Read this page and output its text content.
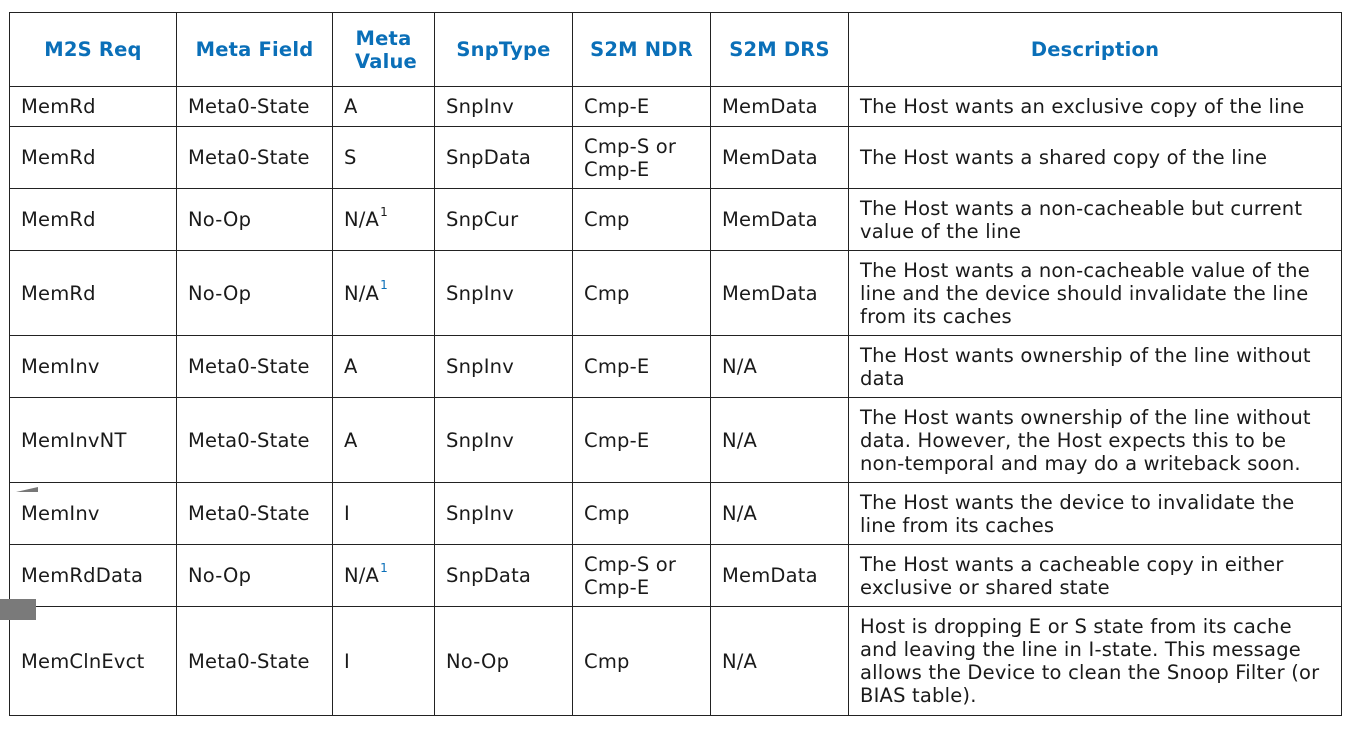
M2S Req	Meta Field	Meta Value	SnpType	S2M NDR	S2M DRS	Description
MemRd	Meta0-State	A	SnpInv	Cmp-E	MemData	The Host wants an exclusive copy of the line
MemRd	Meta0-State	S	SnpData	Cmp-S or Cmp-E	MemData	The Host wants a shared copy of the line
MemRd	No-Op	$N/A^1$	SnpCur	Cmp	MemData	The Host wants a non-cacheable but current value of the line
MemRd	No-Op	$N/A^1$	SnpInv	Cmp	MemData	The Host wants a non-cacheable value of the line and the device should invalidate the line from its caches
MemInv	Meta0-State	A	SnpInv	Cmp-E	N/A	The Host wants ownership of the line without data
MemInvNT	Meta0-State	A	SnpInv	Cmp-E	N/A	The Host wants ownership of the line without data. However, the Host expects this to be non-temporal and may do a writeback soon.
MemInv	Meta0-State	I	SnpInv	Cmp	N/A	The Host wants the device to invalidate the line from its caches
MemRdData	No-Op	$N/A^1$	SnpData	Cmp-S or Cmp-E	MemData	The Host wants a cacheable copy in either exclusive or shared state
MemClnEvct	Meta0-State	I	No-Op	Cmp	N/A	Host is dropping E or S state from its cache and leaving the line in I-state. This message allows the Device to clean the Snoop Filter (or BIAS table).
